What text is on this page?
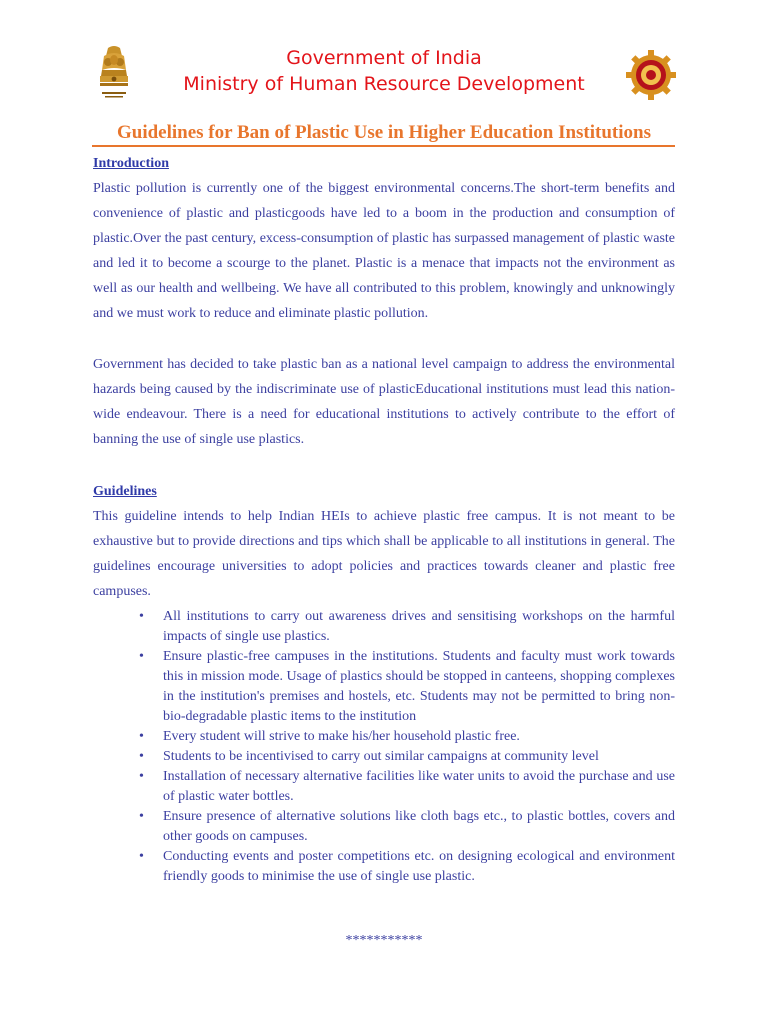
Government of India
Ministry of Human Resource Development
Guidelines for Ban of Plastic Use in Higher Education Institutions
Introduction

Plastic pollution is currently one of the biggest environmental concerns.The short-term benefits and convenience of plastic and plasticgoods have led to a boom in the production and consumption of plastic.Over the past century, excess-consumption of plastic has surpassed management of plastic waste and led it to become a scourge to the planet. Plastic is a menace that impacts not the environment as well as our health and wellbeing. We have all contributed to this problem, knowingly and unknowingly and we must work to reduce and eliminate plastic pollution.

Government has decided to take plastic ban as a national level campaign to address the environmental hazards being caused by the indiscriminate use of plasticEducational institutions must lead this nation-wide endeavour. There is a need for educational institutions to actively contribute to the effort of banning the use of single use plastics.

Guidelines

This guideline intends to help Indian HEIs to achieve plastic free campus. It is not meant to be exhaustive but to provide directions and tips which shall be applicable to all institutions in general. The guidelines encourage universities to adopt policies and practices towards cleaner and plastic free campuses.

• All institutions to carry out awareness drives and sensitising workshops on the harmful impacts of single use plastics.
• Ensure plastic-free campuses in the institutions. Students and faculty must work towards this in mission mode. Usage of plastics should be stopped in canteens, shopping complexes in the institution's premises and hostels, etc. Students may not be permitted to bring non-bio-degradable plastic items to the institution
• Every student will strive to make his/her household plastic free.
• Students to be incentivised to carry out similar campaigns at community level
• Installation of necessary alternative facilities like water units to avoid the purchase and use of plastic water bottles.
• Ensure presence of alternative solutions like cloth bags etc., to plastic bottles, covers and other goods on campuses.
• Conducting events and poster competitions etc. on designing ecological and environment friendly goods to minimise the use of single use plastic.
***********
